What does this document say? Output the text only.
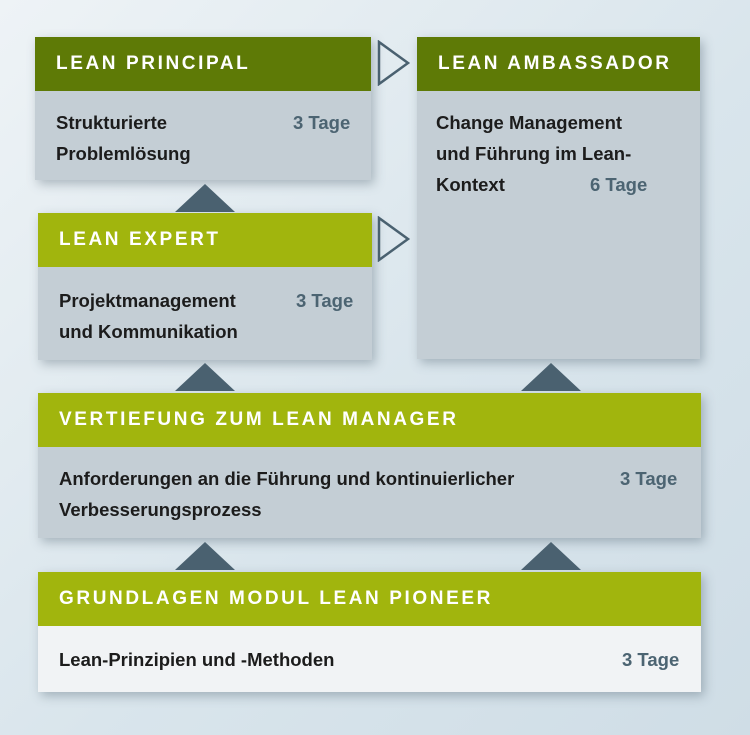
LEAN PRINCIPAL
Strukturierte
Problemlösung
3 Tage
LEAN AMBASSADOR
Change Management
und Führung im Lean-
Kontext	6 Tage
LEAN EXPERT
Projektmanagement
und Kommunikation
3 Tage
VERTIEFUNG ZUM LEAN MANAGER
Anforderungen an die Führung und kontinuierlicher
Verbesserungsprozess
3 Tage
GRUNDLAGEN MODUL LEAN PIONEER
Lean-Prinzipien und -Methoden	3 Tage
